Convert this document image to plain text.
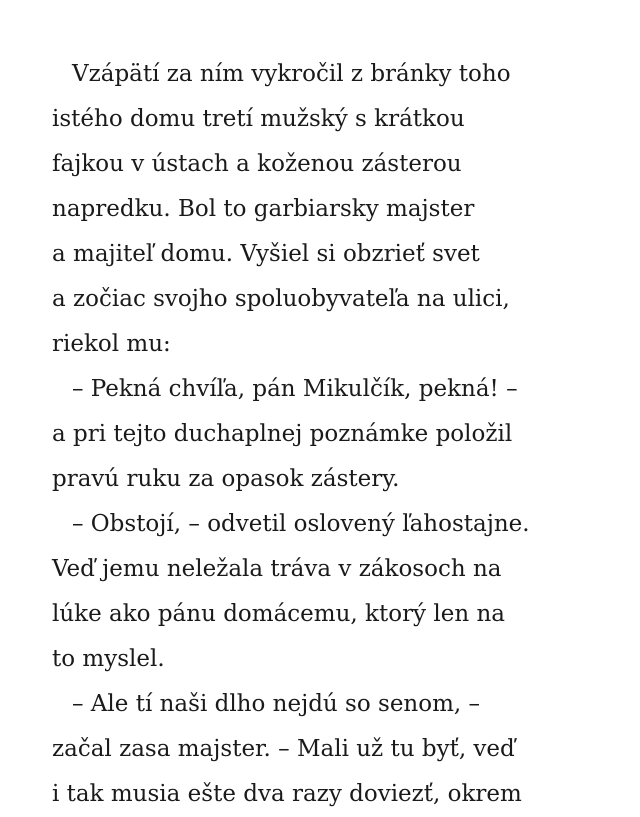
Vzápätí za ním vykročil z bránky toho
istého domu tretí mužský s krátkou
fajkou v ústach a koženou zásterou
napredku. Bol to garbiarsky majster
a majiteľ domu. Vyšiel si obzrieť svet
a zočiac svojho spoluobyvateľa na ulici,
riekol mu:
– Pekná chvíľa, pán Mikulčík, pekná! –
a pri tejto duchaplnej poznámke položil
pravú ruku za opasok zástery.
– Obstojí, – odvetil oslovený ľahostajne.
Veď jemu neležala tráva v zákosoch na
lúke ako pánu domácemu, ktorý len na
to myslel.
– Ale tí naši dlho nejdú so senom, –
začal zasa majster. – Mali už tu byť, veď
i tak musia ešte dva razy doviezť, okrem
